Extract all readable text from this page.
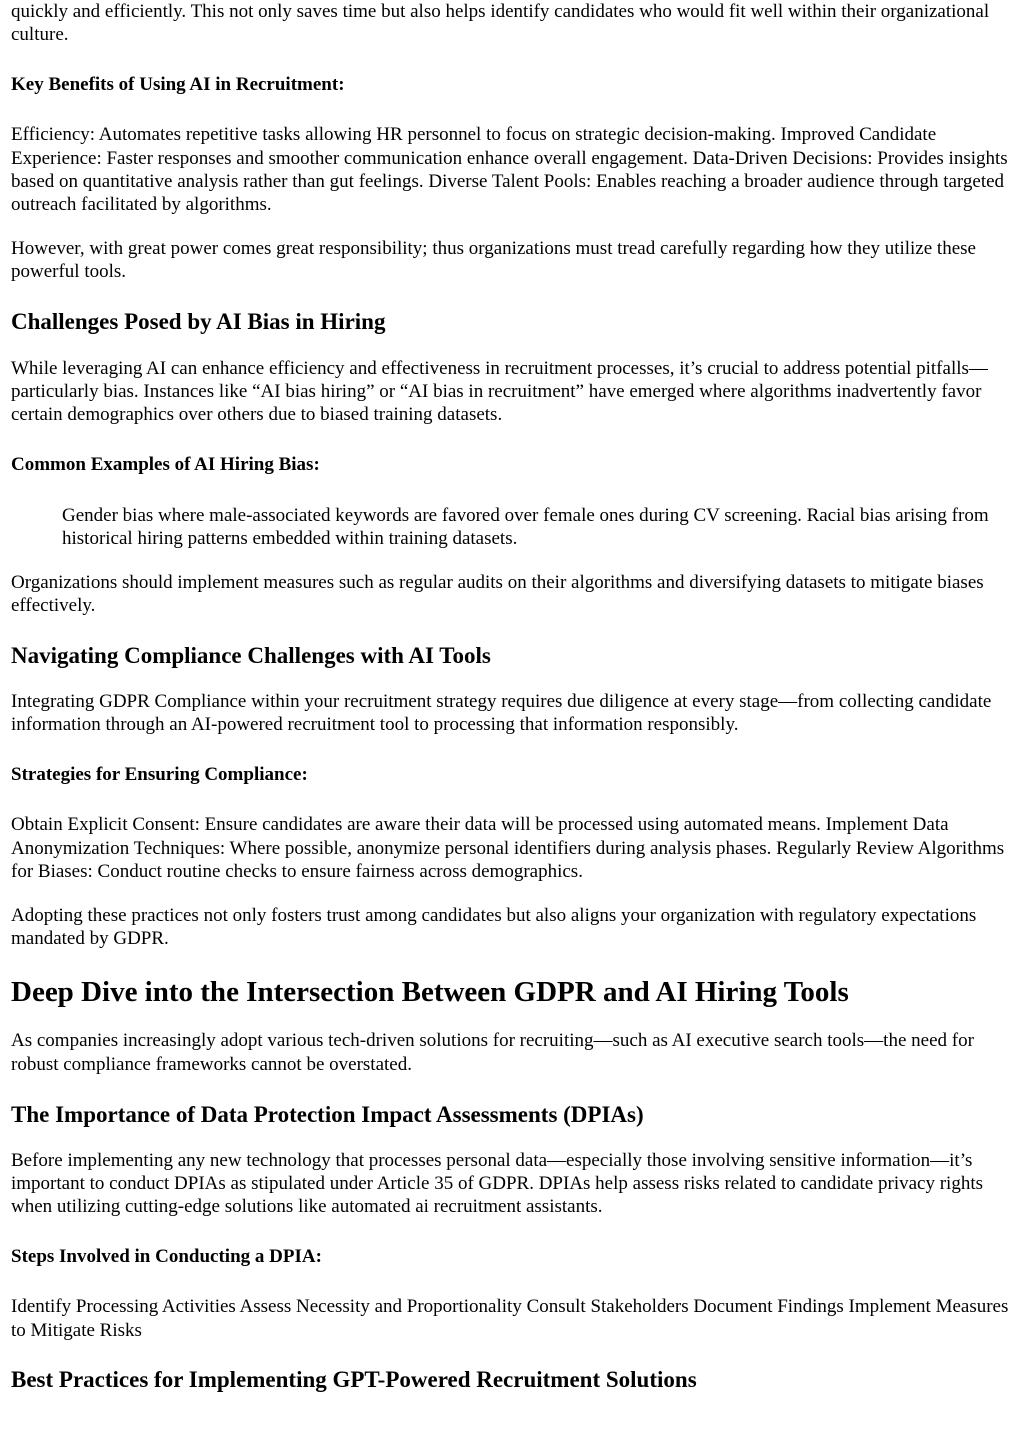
quickly and efficiently. This not only saves time but also helps identify candidates who would fit well within their organizational culture.

Key Benefits of Using AI in Recruitment:

Efficiency: Automates repetitive tasks allowing HR personnel to focus on strategic decision-making. Improved Candidate Experience: Faster responses and smoother communication enhance overall engagement. Data-Driven Decisions: Provides insights based on quantitative analysis rather than gut feelings. Diverse Talent Pools: Enables reaching a broader audience through targeted outreach facilitated by algorithms.

However, with great power comes great responsibility; thus organizations must tread carefully regarding how they utilize these powerful tools.

Challenges Posed by AI Bias in Hiring

While leveraging AI can enhance efficiency and effectiveness in recruitment processes, it’s crucial to address potential pitfalls—particularly bias. Instances like “AI bias hiring” or “AI bias in recruitment” have emerged where algorithms inadvertently favor certain demographics over others due to biased training datasets.

Common Examples of AI Hiring Bias:
Gender bias where male-associated keywords are favored over female ones during CV screening. Racial bias arising from historical hiring patterns embedded within training datasets.

Organizations should implement measures such as regular audits on their algorithms and diversifying datasets to mitigate biases effectively.

Navigating Compliance Challenges with AI Tools

Integrating GDPR Compliance within your recruitment strategy requires due diligence at every stage—from collecting candidate information through an AI-powered recruitment tool to processing that information responsibly.

Strategies for Ensuring Compliance:

Obtain Explicit Consent: Ensure candidates are aware their data will be processed using automated means. Implement Data Anonymization Techniques: Where possible, anonymize personal identifiers during analysis phases. Regularly Review Algorithms for Biases: Conduct routine checks to ensure fairness across demographics.

Adopting these practices not only fosters trust among candidates but also aligns your organization with regulatory expectations mandated by GDPR.

Deep Dive into the Intersection Between GDPR and AI Hiring Tools

As companies increasingly adopt various tech-driven solutions for recruiting—such as AI executive search tools—the need for robust compliance frameworks cannot be overstated.

The Importance of Data Protection Impact Assessments (DPIAs)

Before implementing any new technology that processes personal data—especially those involving sensitive information—it’s important to conduct DPIAs as stipulated under Article 35 of GDPR. DPIAs help assess risks related to candidate privacy rights when utilizing cutting-edge solutions like automated ai recruitment assistants.

Steps Involved in Conducting a DPIA:

Identify Processing Activities Assess Necessity and Proportionality Consult Stakeholders Document Findings Implement Measures to Mitigate Risks

Best Practices for Implementing GPT-Powered Recruitment Solutions
